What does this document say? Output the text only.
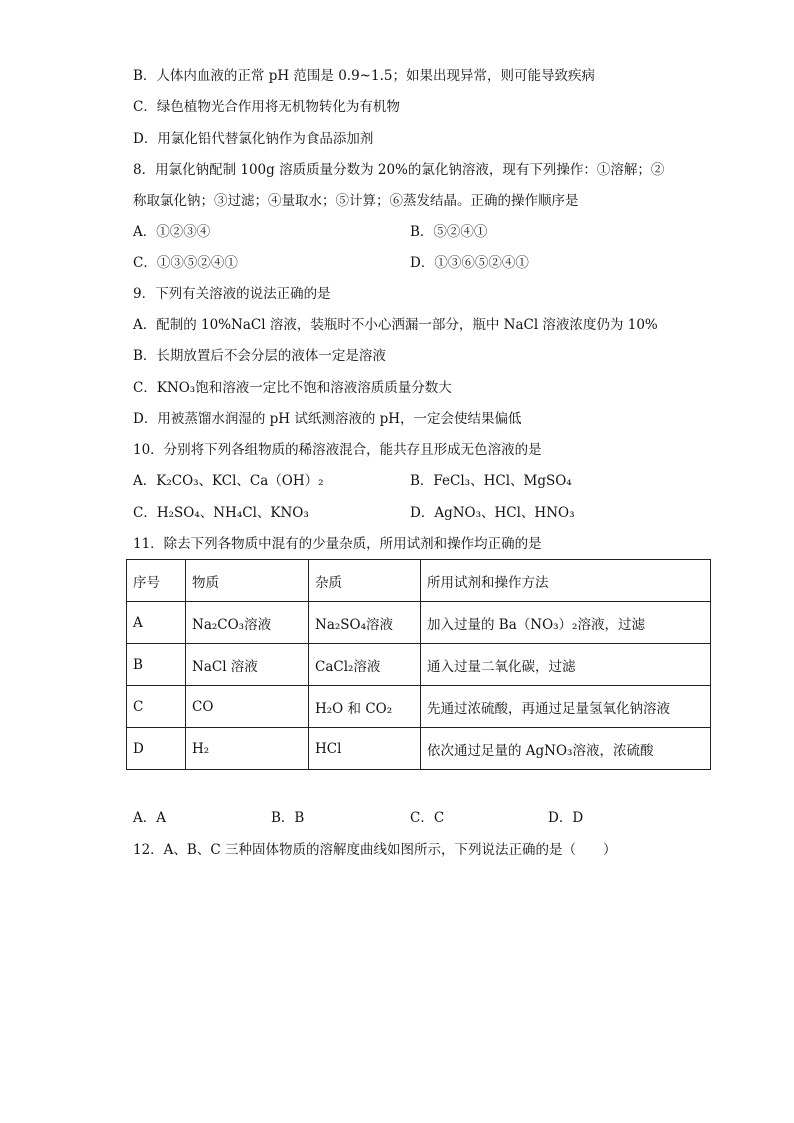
B．人体内血液的正常 pH 范围是 0.9~1.5；如果出现异常，则可能导致疾病
C．绿色植物光合作用将无机物转化为有机物
D．用氯化铅代替氯化钠作为食品添加剂
8．用氯化钠配制 100g 溶质质量分数为 20%的氯化钠溶液，现有下列操作：①溶解；②
称取氯化钠；③过滤；④量取水；⑤计算；⑥蒸发结晶。正确的操作顺序是
A．①②③④	B．⑤②④①
C．①③⑤②④①	D．①③⑥⑤②④①
9．下列有关溶液的说法正确的是
A．配制的 10%NaCl 溶液，装瓶时不小心洒漏一部分，瓶中 NaCl 溶液浓度仍为 10%
B．长期放置后不会分层的液体一定是溶液
C．KNO₃饱和溶液一定比不饱和溶液溶质质量分数大
D．用被蒸馏水润湿的 pH 试纸测溶液的 pH，一定会使结果偏低
10．分别将下列各组物质的稀溶液混合，能共存且形成无色溶液的是
A．K₂CO₃、KCl、Ca（OH）₂	B．FeCl₃、HCl、MgSO₄
C．H₂SO₄、NH₄Cl、KNO₃	D．AgNO₃、HCl、HNO₃
11．除去下列各物质中混有的少量杂质，所用试剂和操作均正确的是
序号	物质	杂质	所用试剂和操作方法
A	Na₂CO₃溶液	Na₂SO₄溶液	加入过量的 Ba（NO₃）₂溶液，过滤
B	NaCl 溶液	CaCl₂溶液	通入过量二氧化碳，过滤
C	CO	H₂O 和 CO₂	先通过浓硫酸，再通过足量氢氧化钠溶液
D	H₂	HCl	依次通过足量的 AgNO₃溶液，浓硫酸
A．A	B．B	C．C	D．D
12．A、B、C 三种固体物质的溶解度曲线如图所示，下列说法正确的是（　　）
